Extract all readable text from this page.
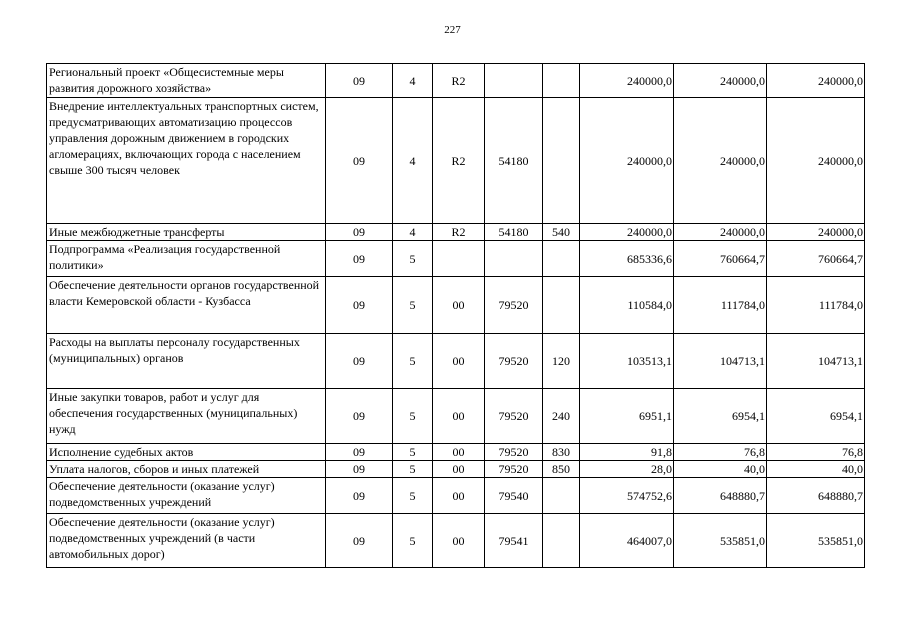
227
Региональный проект «Общесистемные меры развития дорожного хозяйства»	09	4	R2			240000,0	240000,0	240000,0
Внедрение интеллектуальных транспортных систем, предусматривающих автоматизацию процессов управления дорожным движением в городских агломерациях, включающих города с населением свыше 300 тысяч человек	09	4	R2	54180		240000,0	240000,0	240000,0
Иные межбюджетные трансферты	09	4	R2	54180	540	240000,0	240000,0	240000,0
Подпрограмма «Реализация государственной политики»	09	5				685336,6	760664,7	760664,7
Обеспечение деятельности органов государственной власти Кемеровской области - Кузбасса	09	5	00	79520		110584,0	111784,0	111784,0
Расходы на выплаты персоналу государственных (муниципальных) органов	09	5	00	79520	120	103513,1	104713,1	104713,1
Иные закупки товаров, работ и услуг для обеспечения государственных (муниципальных) нужд	09	5	00	79520	240	6951,1	6954,1	6954,1
Исполнение судебных актов	09	5	00	79520	830	91,8	76,8	76,8
Уплата налогов, сборов и иных платежей	09	5	00	79520	850	28,0	40,0	40,0
Обеспечение деятельности (оказание услуг) подведомственных учреждений	09	5	00	79540		574752,6	648880,7	648880,7
Обеспечение деятельности (оказание услуг) подведомственных учреждений (в части автомобильных дорог)	09	5	00	79541		464007,0	535851,0	535851,0
